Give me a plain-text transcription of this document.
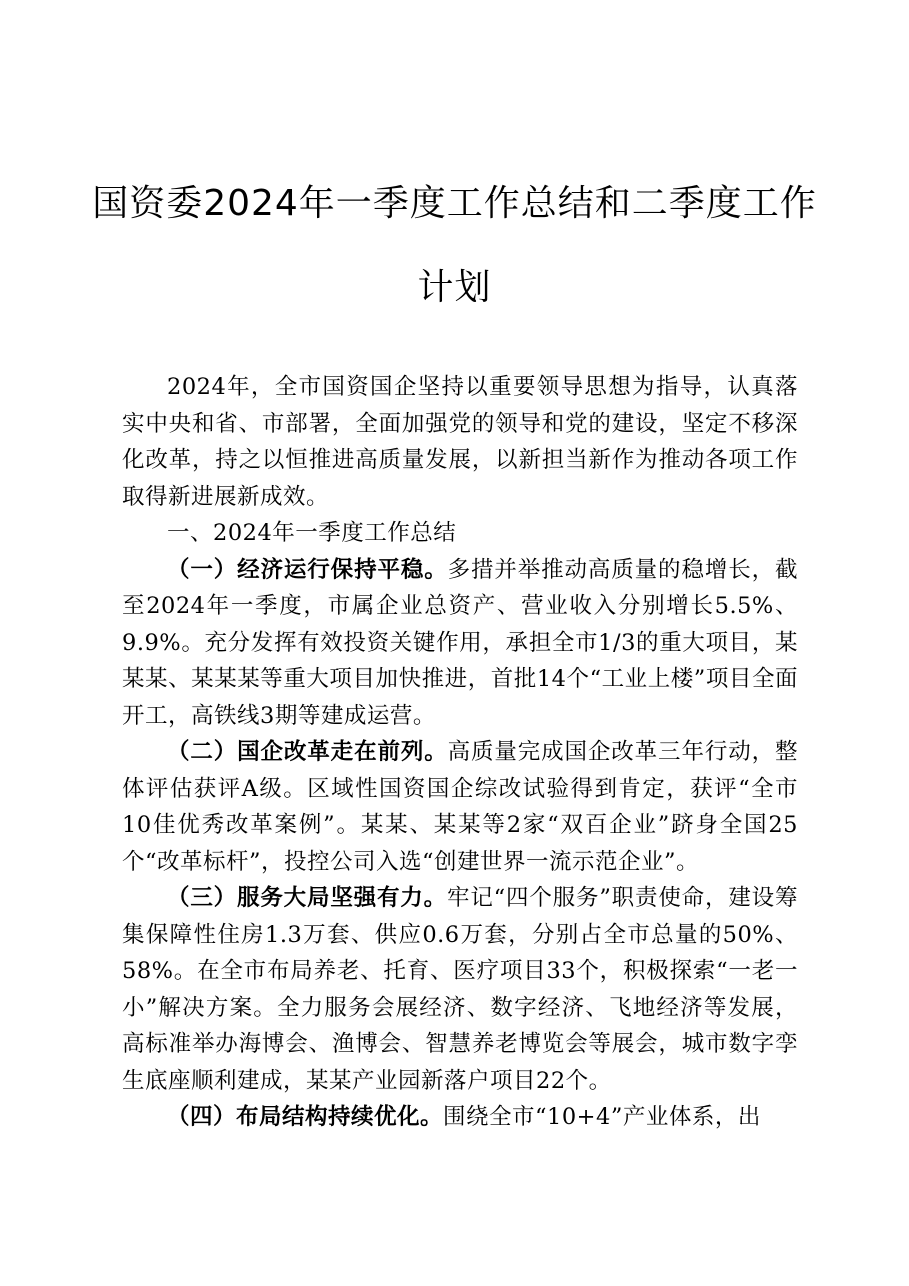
国资委2024年一季度工作总结和二季度工作
计划

2024年，全市国资国企坚持以重要领导思想为指导，认真落实中央和省、市部署，全面加强党的领导和党的建设，坚定不移深化改革，持之以恒推进高质量发展，以新担当新作为推动各项工作取得新进展新成效。

一、2024年一季度工作总结

（一）经济运行保持平稳。多措并举推动高质量的稳增长，截至2024年一季度，市属企业总资产、营业收入分别增长5.5%、9.9%。充分发挥有效投资关键作用，承担全市1/3的重大项目，某某某、某某某等重大项目加快推进，首批14个“工业上楼”项目全面开工，高铁线3期等建成运营。

（二）国企改革走在前列。高质量完成国企改革三年行动，整体评估获评A级。区域性国资国企综改试验得到肯定，获评“全市10佳优秀改革案例”。某某、某某等2家“双百企业”跻身全国25个“改革标杆”，投控公司入选“创建世界一流示范企业”。

（三）服务大局坚强有力。牢记“四个服务”职责使命，建设筹集保障性住房1.3万套、供应0.6万套，分别占全市总量的50%、58%。在全市布局养老、托育、医疗项目33个，积极探索“一老一小”解决方案。全力服务会展经济、数字经济、飞地经济等发展，高标准举办海博会、渔博会、智慧养老博览会等展会，城市数字孪生底座顺利建成，某某产业园新落户项目22个。

（四）布局结构持续优化。围绕全市“10+4”产业体系，出
